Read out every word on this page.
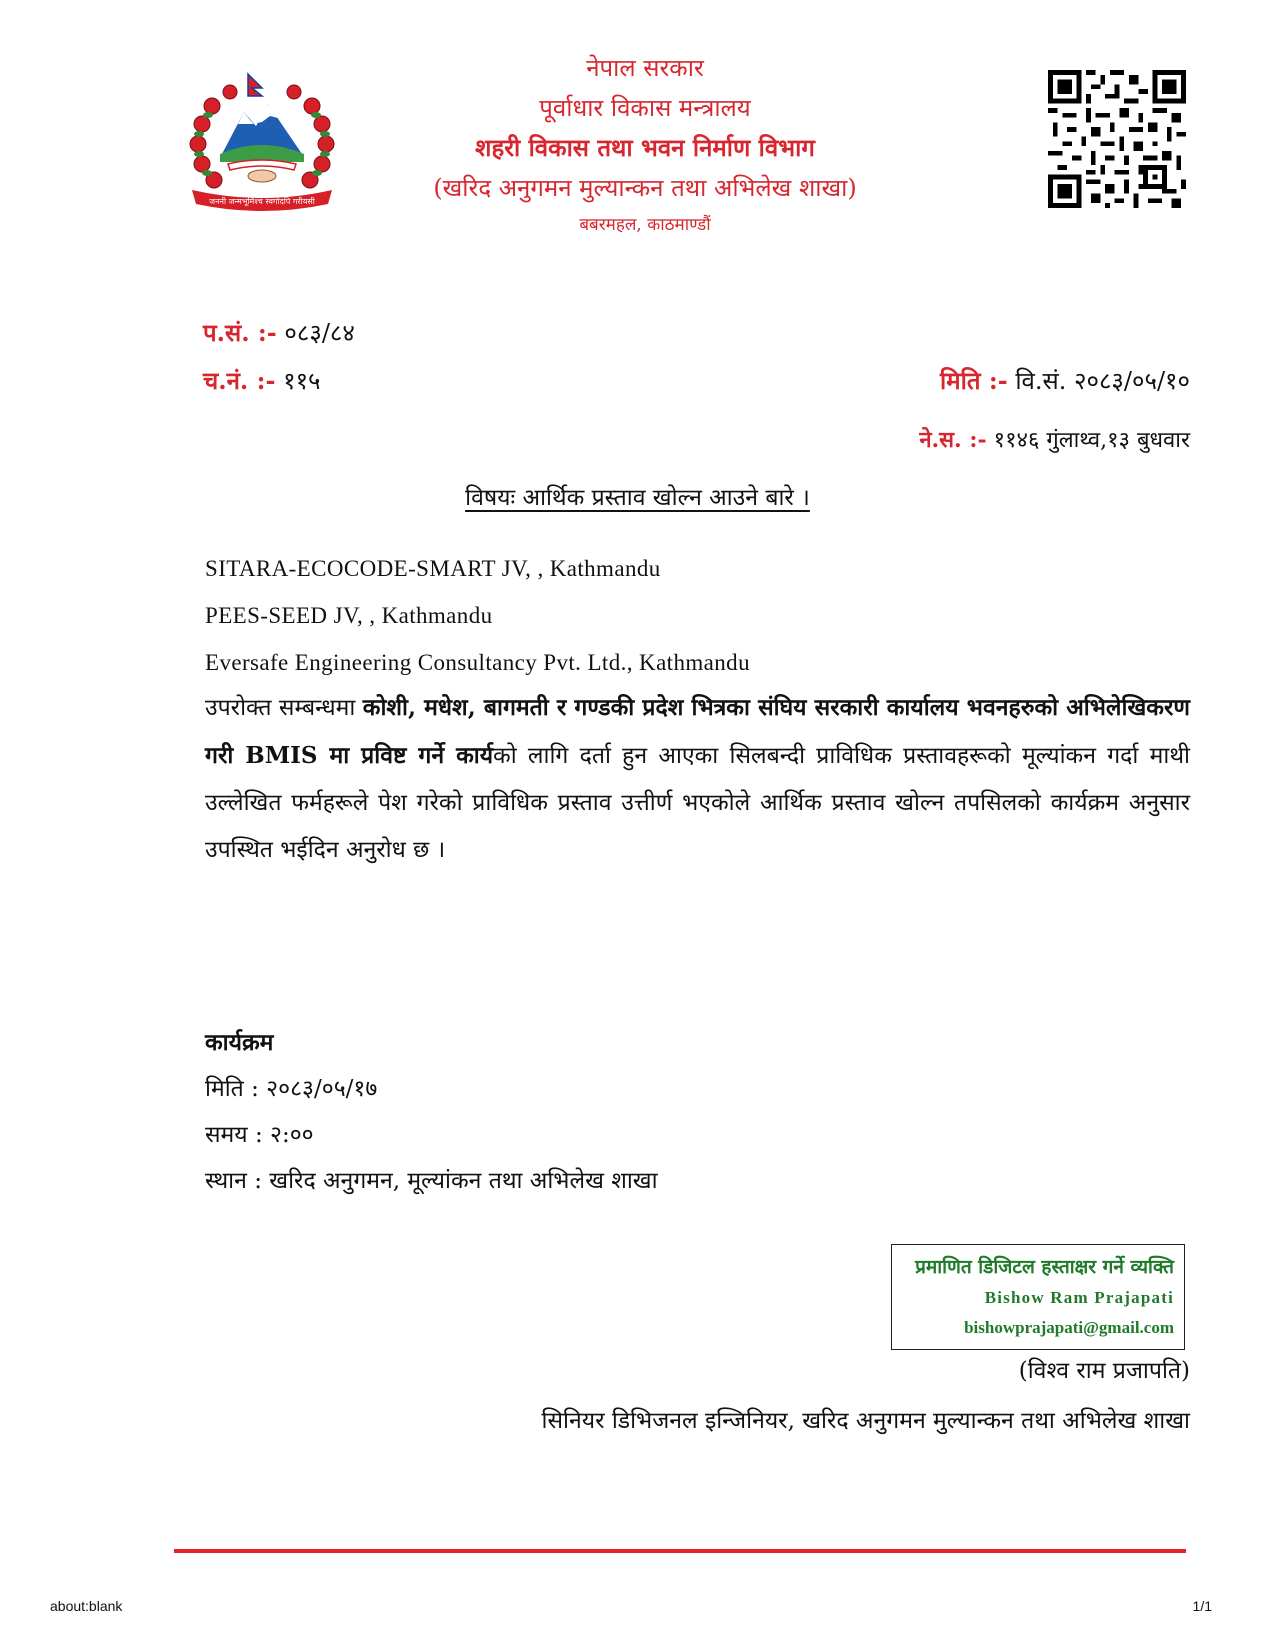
जननी जन्मभूमिश्च स्वर्गादपि गरीयसी
नेपाल सरकार
पूर्वाधार विकास मन्त्रालय
शहरी विकास तथा भवन निर्माण विभाग
(खरिद अनुगमन मुल्यान्कन तथा अभिलेख शाखा)
बबरमहल, काठमाण्डौं
प.सं. :- ०८३/८४
च.नं. :- ११५	मिति :- वि.सं. २०८३/०५/१०
ने.स. :- ११४६ गुंलाथ्व,१३ बुधवार
विषयः आर्थिक प्रस्ताव खोल्न आउने बारे ।
SITARA-ECOCODE-SMART JV, , Kathmandu
PEES-SEED JV, , Kathmandu
Eversafe Engineering Consultancy Pvt. Ltd., Kathmandu
उपरोक्त सम्बन्धमा कोशी, मधेश, बागमती र गण्डकी प्रदेश भित्रका संघिय सरकारी कार्यालय भवनहरुको अभिलेखिकरण गरी BMIS मा प्रविष्ट गर्ने कार्यको लागि दर्ता हुन आएका सिलबन्दी प्राविधिक प्रस्तावहरूको मूल्यांकन गर्दा माथी उल्लेखित फर्महरूले पेश गरेको प्राविधिक प्रस्ताव उत्तीर्ण भएकोले आर्थिक प्रस्ताव खोल्न तपसिलको कार्यक्रम अनुसार उपस्थित भईदिन अनुरोध छ ।
कार्यक्रम
मिति : २०८३/०५/१७
समय : २:००
स्थान : खरिद अनुगमन, मूल्यांकन तथा अभिलेख शाखा
प्रमाणित डिजिटल हस्ताक्षर गर्ने व्यक्ति
Bishow Ram Prajapati
bishowprajapati@gmail.com
(विश्व राम प्रजापति)
सिनियर डिभिजनल इन्जिनियर, खरिद अनुगमन मुल्यान्कन तथा अभिलेख शाखा
about:blank	1/1
